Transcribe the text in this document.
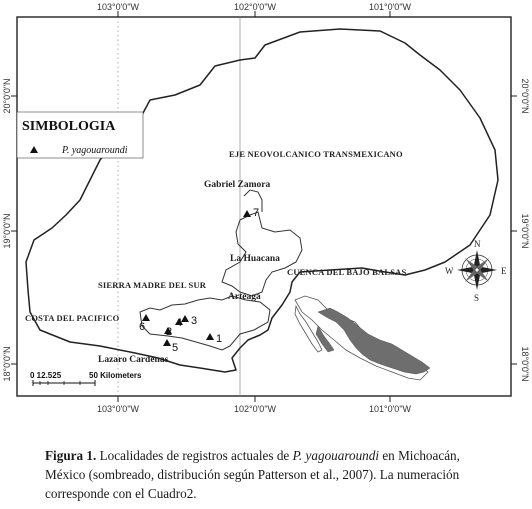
103°0'0"W	102°0'0"W	101°0'0"W
103°0'0"W	102°0'0"W	101°0'0"W
20°0'0"N
19°0'0"N
18°0'0"N
20°0'0"N
19°0'0"N
18°0'0"N
SIMBOLOGIA
P. yagouaroundi	EJE NEOVOLCANICO TRANSMEXICANO
SIERRA MADRE DEL SUR
CUENCA DEL BAJO BALSAS
COSTA DEL PACIFICO
Gabriel Zamora
La Huacana
Arteaga
Lazaro Cardenas
1
2
3
4
5
6
7
0 12.525	50 Kilometers
N
S
E
W
Figura 1. Localidades de registros actuales de P. yagouaroundi en Michoacán, México (sombreado, distribución según Patterson et al., 2007). La numeración corresponde con el Cuadro2.
